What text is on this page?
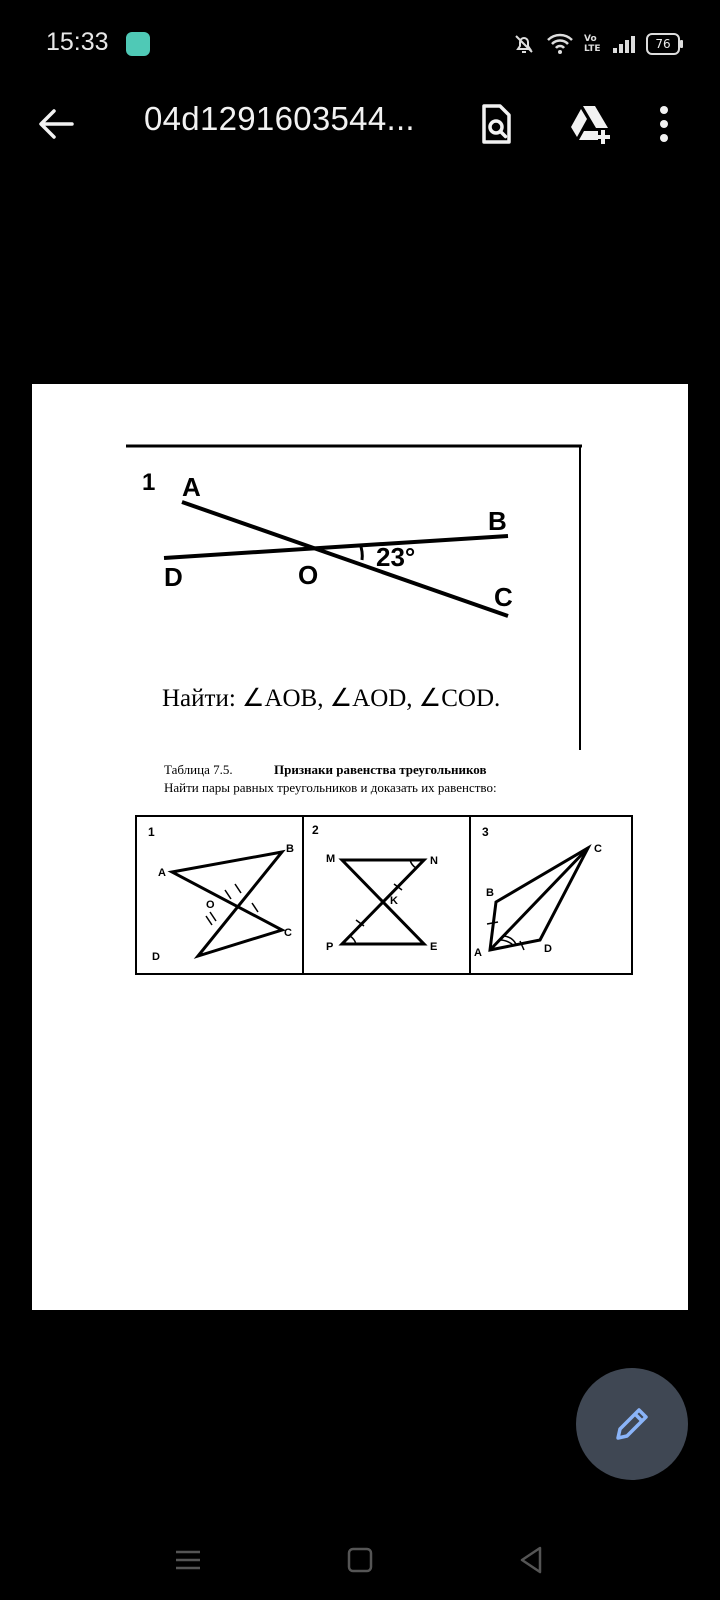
15:33	Vo LTE	76
04d1291603544...
1 A
B
C
D	O
23°
Найти: ∠AOB, ∠AOD, ∠COD.
Таблица 7.5.	Признаки равенства треугольников
Найти пары равных треугольников и доказать их равенство:
1
A
B
O
C
D
2
M	N
K
P	E
3
C
B
A	D
